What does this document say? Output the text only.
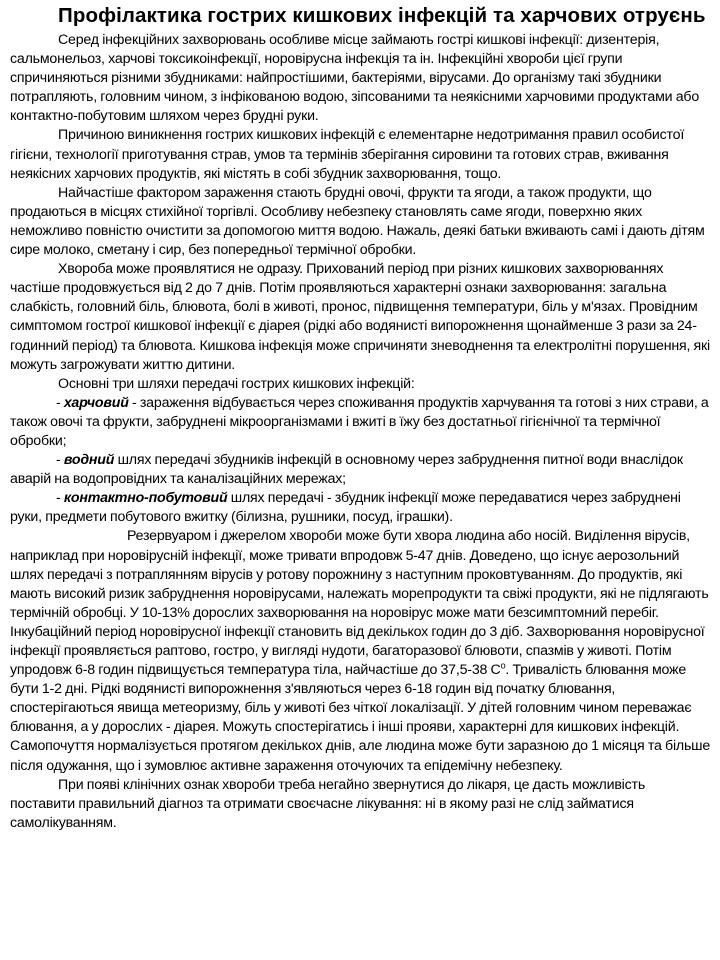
Профілактика гострих кишкових інфекцій та харчових отруєнь

Серед інфекційних захворювань особливе місце займають гострі кишкові інфекції: дизентерія, сальмонельоз, харчові токсикоінфекції, норовірусна інфекція та ін. Інфекційні хвороби цієї групи спричиняються різними збудниками: найпростішими, бактеріями, вірусами. До організму такі збудники потрапляють, головним чином, з інфікованою водою, зіпсованими та неякісними харчовими продуктами або контактно-побутовим шляхом через брудні руки.

Причиною виникнення гострих кишкових інфекцій є елементарне недотримання правил особистої гігієни, технології приготування страв, умов та термінів зберігання сировини та готових страв, вживання неякісних харчових продуктів, які містять в собі збудник захворювання, тощо.

Найчастіше фактором зараження стають брудні овочі, фрукти та ягоди, а також продукти, що продаються в місцях стихійної торгівлі. Особливу небезпеку становлять саме ягоди, поверхню яких неможливо повністю очистити за допомогою миття водою. Нажаль, деякі батьки вживають самі і дають дітям сире молоко, сметану і сир, без попередньої термічної обробки.

Хвороба може проявлятися не одразу. Прихований період при різних кишкових захворюваннях частіше продовжується від 2 до 7 днів. Потім проявляються характерні ознаки захворювання: загальна слабкість, головний біль, блювота, болі в животі, пронос, підвищення температури, біль у м'язах. Провідним симптомом гострої кишкової інфекції є діарея (рідкі або водянисті випорожнення щонайменше 3 рази за 24-годинний період) та блювота. Кишкова інфекція може спричиняти зневоднення та електролітні порушення, які можуть загрожувати життю дитини.

Основні три шляхи передачі гострих кишкових інфекцій:

- харчовий - зараження відбувається через споживання продуктів харчування та готові з них страви, а також овочі та фрукти, забруднені мікроорганізмами і вжиті в їжу без достатньої гігієнічної та термічної обробки;

- водний шлях передачі збудників інфекцій в основному через забруднення питної води внаслідок аварій на водопровідних та каналізаційних мережах;

- контактно-побутовий шлях передачі - збудник інфекції може передаватися через забруднені руки, предмети побутового вжитку (білизна, рушники, посуд, іграшки).

Резервуаром і джерелом хвороби може бути хвора людина або носій. Виділення вірусів, наприклад при норовірусній інфекції, може тривати впродовж 5-47 днів. Доведено, що існує аерозольний шлях передачі з потраплянням вірусів у ротову порожнину з наступним проковтуванням. До продуктів, які мають високий ризик забруднення норовірусами, належать морепродукти та свіжі продукти, які не підлягають термічній обробці. У 10-13% дорослих захворювання на норовірус може мати безсимптомний перебіг. Інкубаційний період норовірусної інфекції становить від декількох годин до 3 діб. Захворювання норовірусної інфекції проявляється раптово, гостро, у вигляді нудоти, багаторазової блювоти, спазмів у животі. Потім упродовж 6-8 годин підвищується температура тіла, найчастіше до 37,5-38 $С^о$. Тривалість блювання може бути 1-2 дні. Рідкі водянисті випорожнення з'являються через 6-18 годин від початку блювання, спостерігаються явища метеоризму, біль у животі без чіткої локалізації. У дітей головним чином переважає блювання, а у дорослих - діарея. Можуть спостерігатись і інші прояви, характерні для кишкових інфекцій. Самопочуття нормалізується протягом декількох днів, але людина може бути заразною до 1 місяця та більше після одужання, що і зумовлює активне зараження оточуючих та епідемічну небезпеку.

При появі клінічних ознак хвороби треба негайно звернутися до лікаря, це дасть можливість поставити правильний діагноз та отримати своєчасне лікування: ні в якому разі не слід займатися самолікуванням.
